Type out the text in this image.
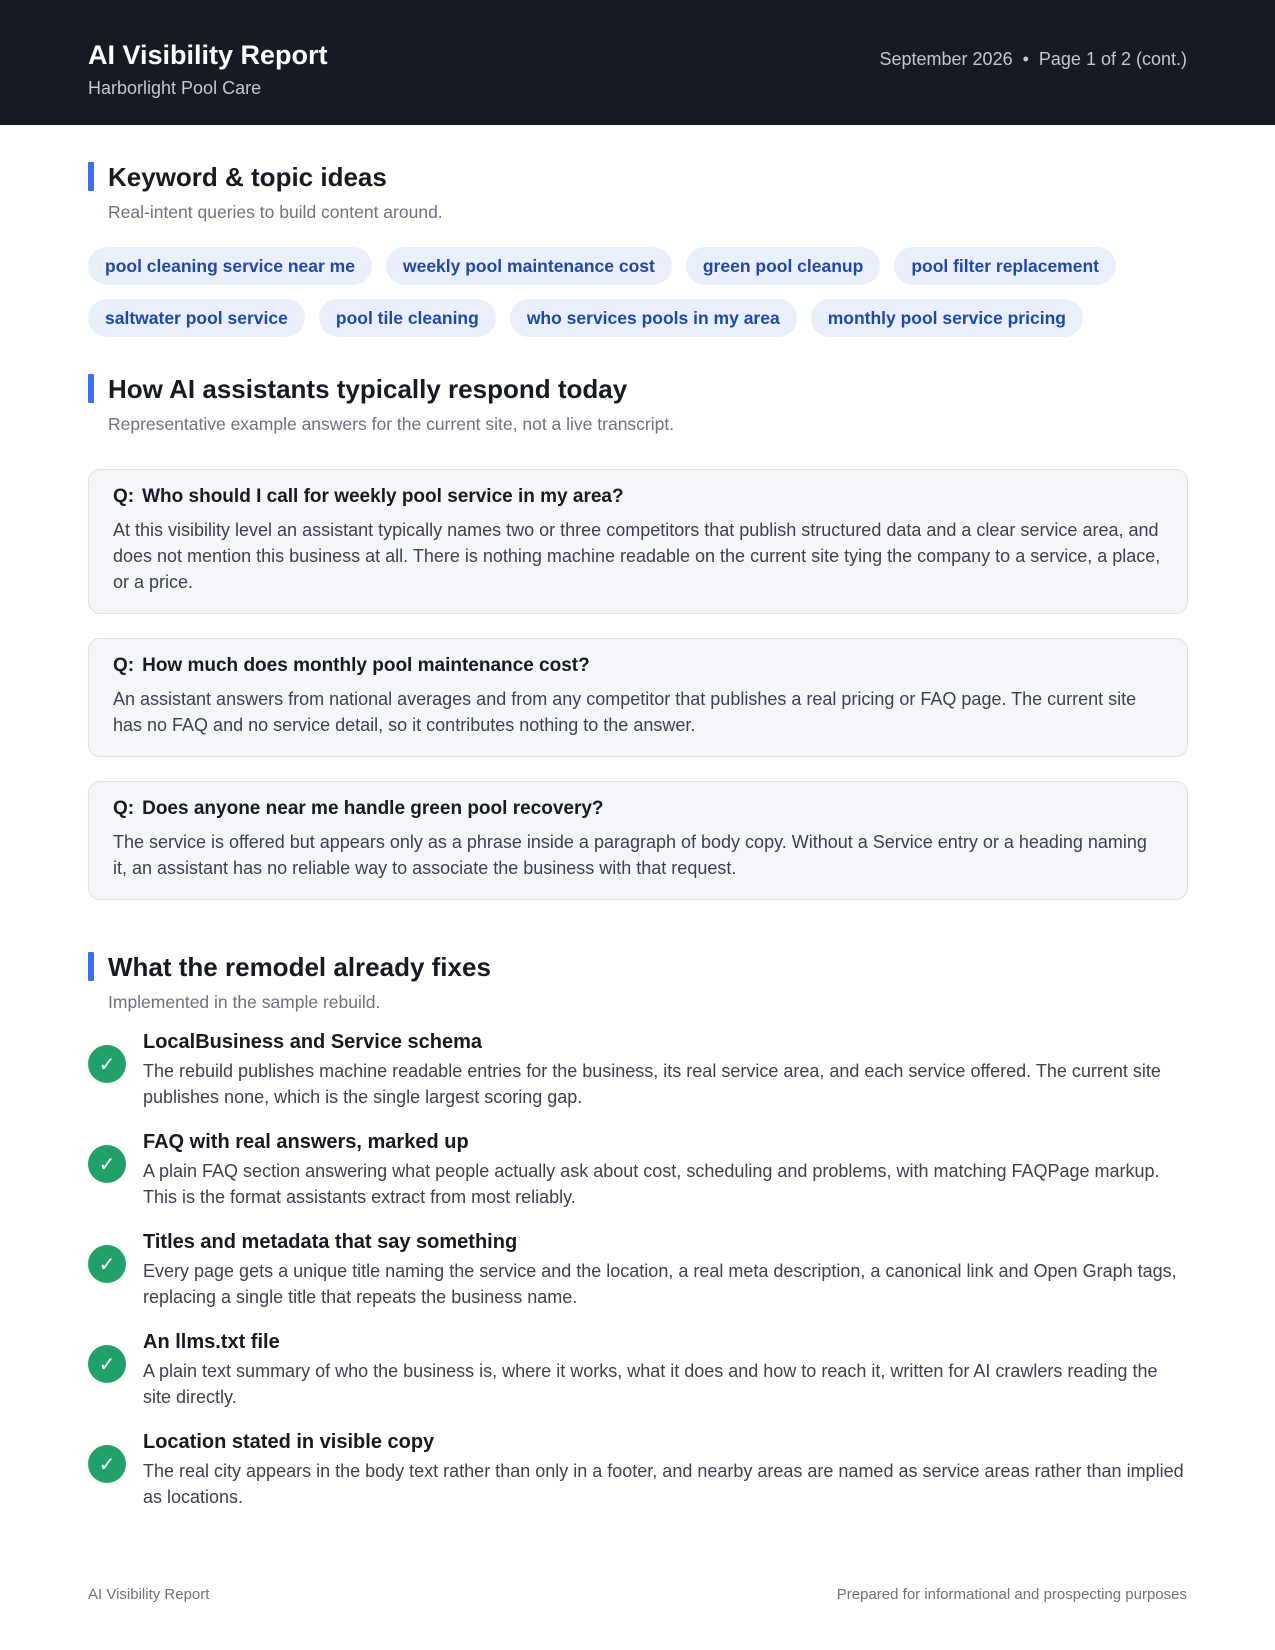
AI Visibility Report
Harborlight Pool Care
September 2026 • Page 1 of 2 (cont.)
Keyword & topic ideas
Real-intent queries to build content around.
pool cleaning service near me	weekly pool maintenance cost	green pool cleanup	pool filter replacement
saltwater pool service	pool tile cleaning	who services pools in my area	monthly pool service pricing
How AI assistants typically respond today
Representative example answers for the current site, not a live transcript.
Q: Who should I call for weekly pool service in my area?
At this visibility level an assistant typically names two or three competitors that publish structured data and a clear service area, and does not mention this business at all. There is nothing machine readable on the current site tying the company to a service, a place, or a price.
Q: How much does monthly pool maintenance cost?
An assistant answers from national averages and from any competitor that publishes a real pricing or FAQ page. The current site has no FAQ and no service detail, so it contributes nothing to the answer.
Q: Does anyone near me handle green pool recovery?
The service is offered but appears only as a phrase inside a paragraph of body copy. Without a Service entry or a heading naming it, an assistant has no reliable way to associate the business with that request.
What the remodel already fixes
Implemented in the sample rebuild.
✓
LocalBusiness and Service schema
The rebuild publishes machine readable entries for the business, its real service area, and each service offered. The current site publishes none, which is the single largest scoring gap.
✓
FAQ with real answers, marked up
A plain FAQ section answering what people actually ask about cost, scheduling and problems, with matching FAQPage markup. This is the format assistants extract from most reliably.
✓
Titles and metadata that say something
Every page gets a unique title naming the service and the location, a real meta description, a canonical link and Open Graph tags, replacing a single title that repeats the business name.
✓
An llms.txt file
A plain text summary of who the business is, where it works, what it does and how to reach it, written for AI crawlers reading the site directly.
✓
Location stated in visible copy
The real city appears in the body text rather than only in a footer, and nearby areas are named as service areas rather than implied as locations.
AI Visibility Report	Prepared for informational and prospecting purposes
